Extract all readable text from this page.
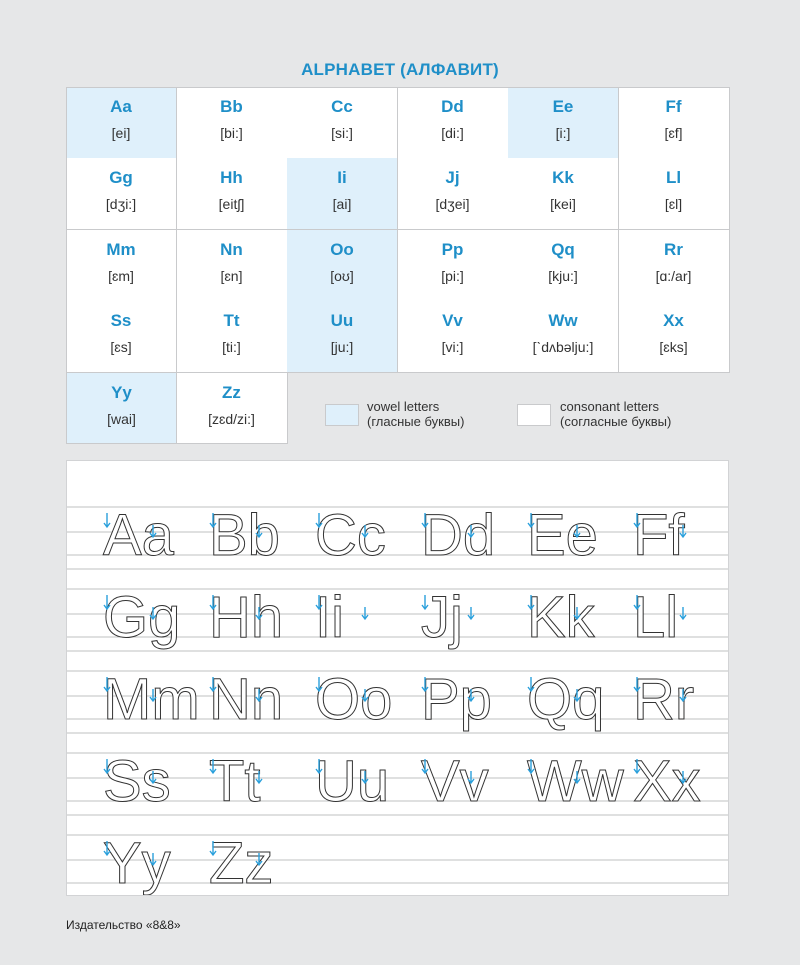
ALPHABET (АЛФАВИТ)
Aa
[ei]
Bb
[bi:]
Cc
[si:]
Dd
[di:]
Ee
[i:]
Ff
[ɛf]
Gg
[dʒi:]
Hh
[eitʃ]
Ii
[ai]
Jj
[dʒei]
Kk
[kei]
Ll
[ɛl]
Mm
[ɛm]
Nn
[ɛn]
Oo
[oʊ]
Pp
[pi:]
Qq
[kju:]
Rr
[ɑ:/ar]
Ss
[ɛs]
Tt
[ti:]
Uu
[ju:]
Vv
[vi:]
Ww
[ˋdʌbəlju:]
Xx
[ɛks]
Yy
[wai]
Zz
[zɛd/zi:]
vowel letters
(гласные буквы)
consonant letters
(согласные буквы)
Aa Bb Cc Dd Ee Ff
Gg Hh Ii Jj Kk Ll
Mm Nn Oo Pp Qq Rr
Ss Tt Uu Vv Ww Xx
Yy Zz
Издательство «8&8»
